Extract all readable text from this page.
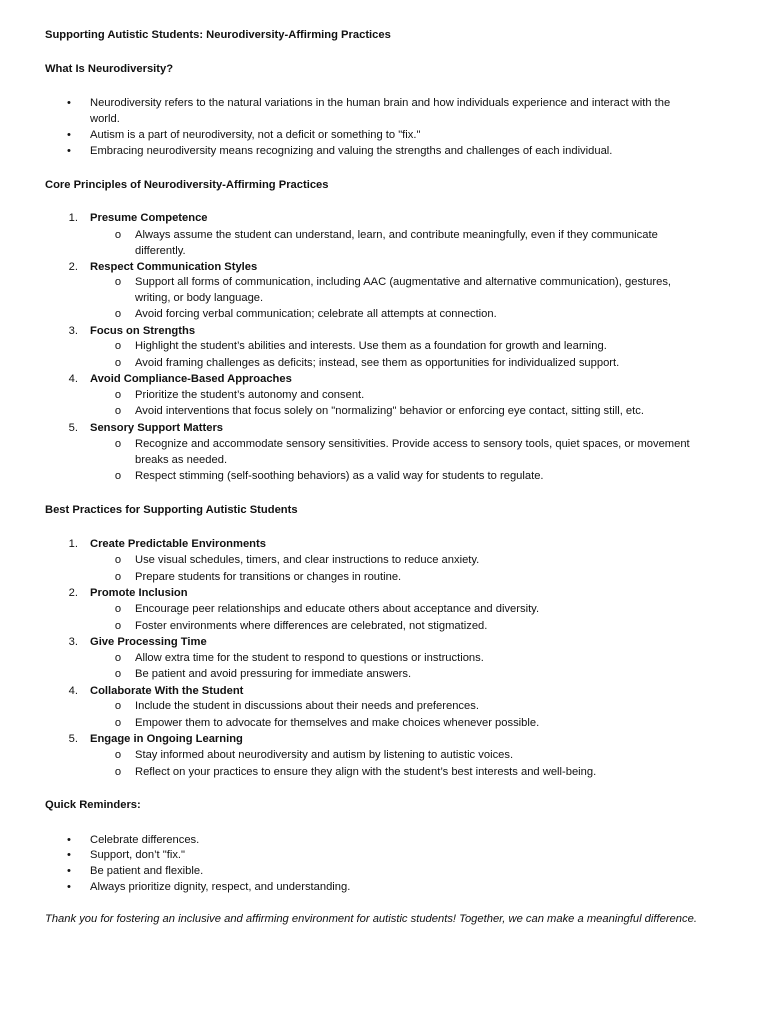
Supporting Autistic Students: Neurodiversity-Affirming Practices
What Is Neurodiversity?
•	Neurodiversity refers to the natural variations in the human brain and how individuals experience and interact with the
world.
•	Autism is a part of neurodiversity, not a deficit or something to "fix."
•	Embracing neurodiversity means recognizing and valuing the strengths and challenges of each individual.
Core Principles of Neurodiversity-Affirming Practices
1. Presume Competence
o Always assume the student can understand, learn, and contribute meaningfully, even if they communicate
differently.
2. Respect Communication Styles
o Support all forms of communication, including AAC (augmentative and alternative communication), gestures,
writing, or body language.
o Avoid forcing verbal communication; celebrate all attempts at connection.
3. Focus on Strengths
o Highlight the student’s abilities and interests. Use them as a foundation for growth and learning.
o Avoid framing challenges as deficits; instead, see them as opportunities for individualized support.
4. Avoid Compliance-Based Approaches
o Prioritize the student’s autonomy and consent.
o Avoid interventions that focus solely on "normalizing" behavior or enforcing eye contact, sitting still, etc.
5. Sensory Support Matters
o Recognize and accommodate sensory sensitivities. Provide access to sensory tools, quiet spaces, or movement
breaks as needed.
o Respect stimming (self-soothing behaviors) as a valid way for students to regulate.
Best Practices for Supporting Autistic Students
1. Create Predictable Environments
o Use visual schedules, timers, and clear instructions to reduce anxiety.
o Prepare students for transitions or changes in routine.
2. Promote Inclusion
o Encourage peer relationships and educate others about acceptance and diversity.
o Foster environments where differences are celebrated, not stigmatized.
3. Give Processing Time
o Allow extra time for the student to respond to questions or instructions.
o Be patient and avoid pressuring for immediate answers.
4. Collaborate With the Student
o Include the student in discussions about their needs and preferences.
o Empower them to advocate for themselves and make choices whenever possible.
5. Engage in Ongoing Learning
o Stay informed about neurodiversity and autism by listening to autistic voices.
o Reflect on your practices to ensure they align with the student’s best interests and well-being.
Quick Reminders:
•	Celebrate differences.
•	Support, don’t "fix."
•	Be patient and flexible.
•	Always prioritize dignity, respect, and understanding.
Thank you for fostering an inclusive and affirming environment for autistic students! Together, we can make a meaningful difference.
